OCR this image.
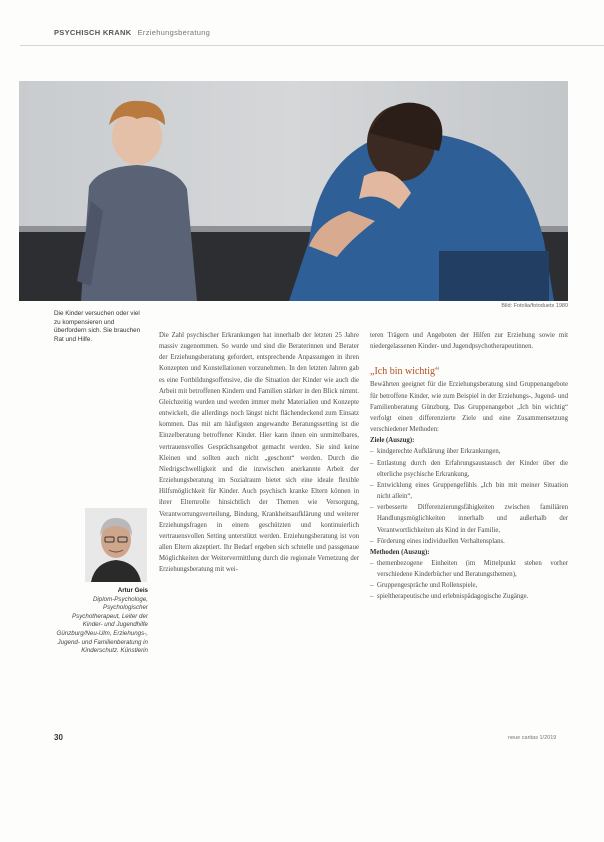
PSYCHISCH KRANK Erziehungsberatung
Bild: Fotolia/fotoduets 1980
Die Kinder versuchen oder viel zu kompensieren und überfordern sich. Sie brauchen Rat und Hilfe.

Die Zahl psychischer Erkrankungen hat innerhalb der letzten 25 Jahre massiv zugenommen. So wurde und sind die Beraterinnen und Berater der Erziehungsberatung gefordert, entsprechende Anpassungen in ihren Konzepten und Konstellationen vorzunehmen. In den letzten Jahren gab es eine Fortbildungsoffensive, die die Situation der Kinder wie auch die Arbeit mit betroffenen Kindern und Familien stärker in den Blick nimmt. Gleichzeitig wurden und werden immer mehr Materialien und Konzepte entwickelt, die allerdings noch längst nicht flächendeckend zum Einsatz kommen. Das mit am häufigsten angewandte Beratungssetting ist die Einzelberatung betroffener Kinder. Hier kann ihnen ein unmittelbares, vertrauensvolles Gesprächsangebot gemacht werden. Sie sind keine Kleinen und sollten auch nicht „geschont“ werden. Durch die Niedrigschwelligkeit und die inzwischen anerkannte Arbeit der Erziehungsberatung im Sozialraum bietet sich eine ideale flexible Hilfsmöglichkeit für Kinder. Auch psychisch kranke Eltern können in ihrer Elternrolle hinsichtlich der Themen wie Versorgung, Verantwortungsverteilung, Bindung, Krankheitsaufklärung und weiterer Erziehungsfragen in einem geschützten und kontinuierlich vertrauensvollen Setting unterstützt werden. Erziehungsberatung ist von allen Eltern akzeptiert. Ihr Bedarf ergeben sich schnelle und passgenaue Möglichkeiten der Weitervermittlung durch die regionale Vernetzung der Erziehungsberatung mit wei-

teren Trägern und Angeboten der Hilfen zur Erziehung sowie mit niedergelassenen Kinder- und Jugendpsychotherapeutinnen.

„Ich bin wichtig“

Bewährten geeignet für die Erziehungsberatung sind Gruppenangebote für betroffene Kinder, wie zum Beispiel in der Erziehungs-, Jugend- und Familienberatung Günzburg. Das Gruppenangebot „Ich bin wichtig“ verfolgt einen differenzierte Ziele und eine Zusammensetzung verschiedener Methoden:

Ziele (Auszug):

– kindgerechte Aufklärung über Erkrankungen,
– Entlastung durch den Erfahrungsaustausch der Kinder über die elterliche psychische Erkrankung,
– Entwicklung eines Gruppengefühls „Ich bin mit meiner Situation nicht allein“,
– verbesserte Differenzierungsfähigkeiten zwischen familiären Handlungsmöglichkeiten innerhalb und außerhalb der Verantwortlichkeiten als Kind in der Familie,
– Förderung eines individuellen Verhaltensplans.

Methoden (Auszug):

– themenbezogene Einheiten (im Mittelpunkt stehen vorher verschiedene Kinderbücher und Beratungsthemen),
– Gruppengespräche und Rollenspiele,
– spieltherapeutische und erlebnispädagogische Zugänge.
Artur Geis
Diplom-Psychologe, Psychologischer Psychotherapeut, Leiter der Kinder- und Jugendhilfe Günzburg/Neu-Ulm, Erziehungs-, Jugend- und Familienberatung in Kinderschutz. Künstlerin
30	neue caritas 1/2019
